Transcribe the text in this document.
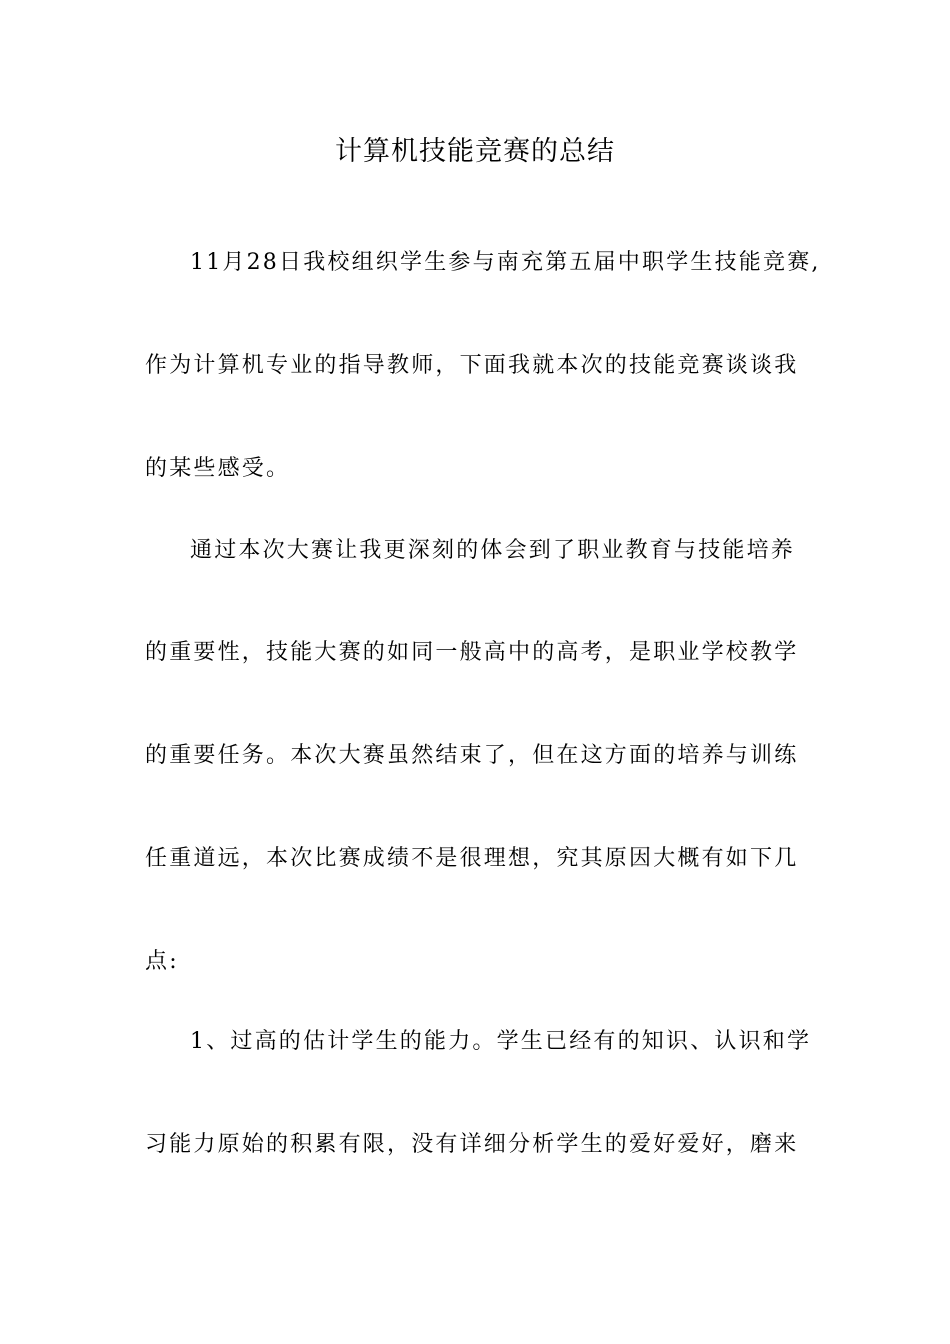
计算机技能竞赛的总结
11月28日我校组织学生参与南充第五届中职学生技能竞赛,
作为计算机专业的指导教师，下面我就本次的技能竞赛谈谈我
的某些感受。
通过本次大赛让我更深刻的体会到了职业教育与技能培养
的重要性，技能大赛的如同一般高中的高考，是职业学校教学
的重要任务。本次大赛虽然结束了，但在这方面的培养与训练
任重道远，本次比赛成绩不是很理想，究其原因大概有如下几
点:
1、过高的估计学生的能力。学生已经有的知识、认识和学
习能力原始的积累有限，没有详细分析学生的爱好爱好，磨来
